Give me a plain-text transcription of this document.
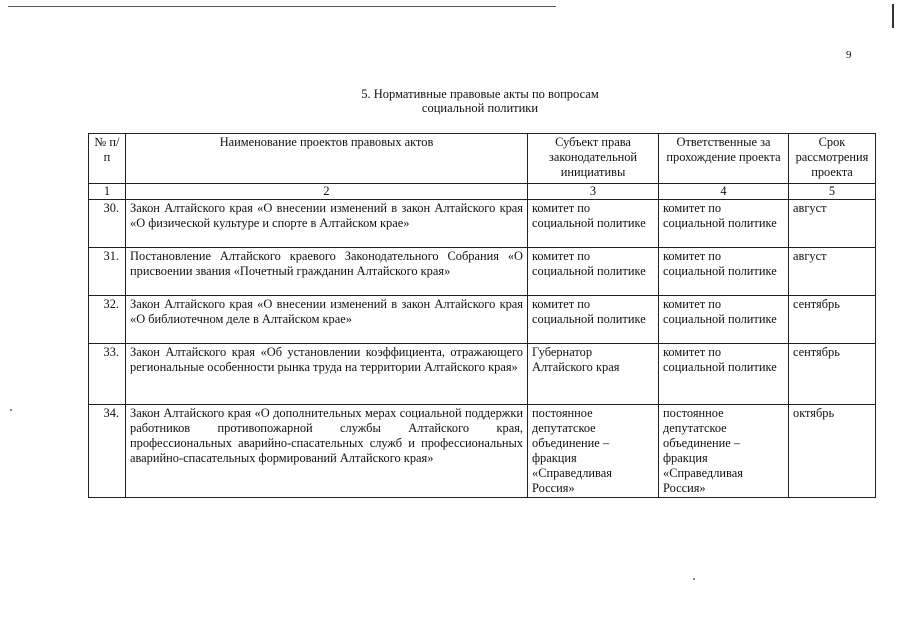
9
5. Нормативные правовые акты по вопросам
социальной политики
№ п/п	Наименование проектов правовых актов	Субъект права законодательной инициативы	Ответственные за прохождение проекта	Срок рассмотрения проекта
1	2	3	4	5
30.	Закон Алтайского края «О внесении изменений в закон Алтайского края «О физической культуре и спорте в Алтайском крае»	комитет по социальной политике	комитет по социальной политике	август
31.	Постановление Алтайского краевого Законодательного Собрания «О присвоении звания «Почетный гражданин Алтайского края»	комитет по социальной политике	комитет по социальной политике	август
32.	Закон Алтайского края «О внесении изменений в закон Алтайского края «О библиотечном деле в Алтайском крае»	комитет по социальной политике	комитет по социальной политике	сентябрь
33.	Закон Алтайского края «Об установлении коэффициента, отражающего региональные особенности рынка труда на территории Алтайского края»	Губернатор Алтайского края	комитет по социальной политике	сентябрь
34.	Закон Алтайского края «О дополнительных мерах социальной поддержки работников противопожарной службы Алтайского края, профессиональных аварийно-спасательных служб и профессиональных аварийно-спасательных формирований Алтайского края»	постоянное депутатское объединение – фракция «Справедливая Россия»	постоянное депутатское объединение – фракция «Справедливая Россия»	октябрь
